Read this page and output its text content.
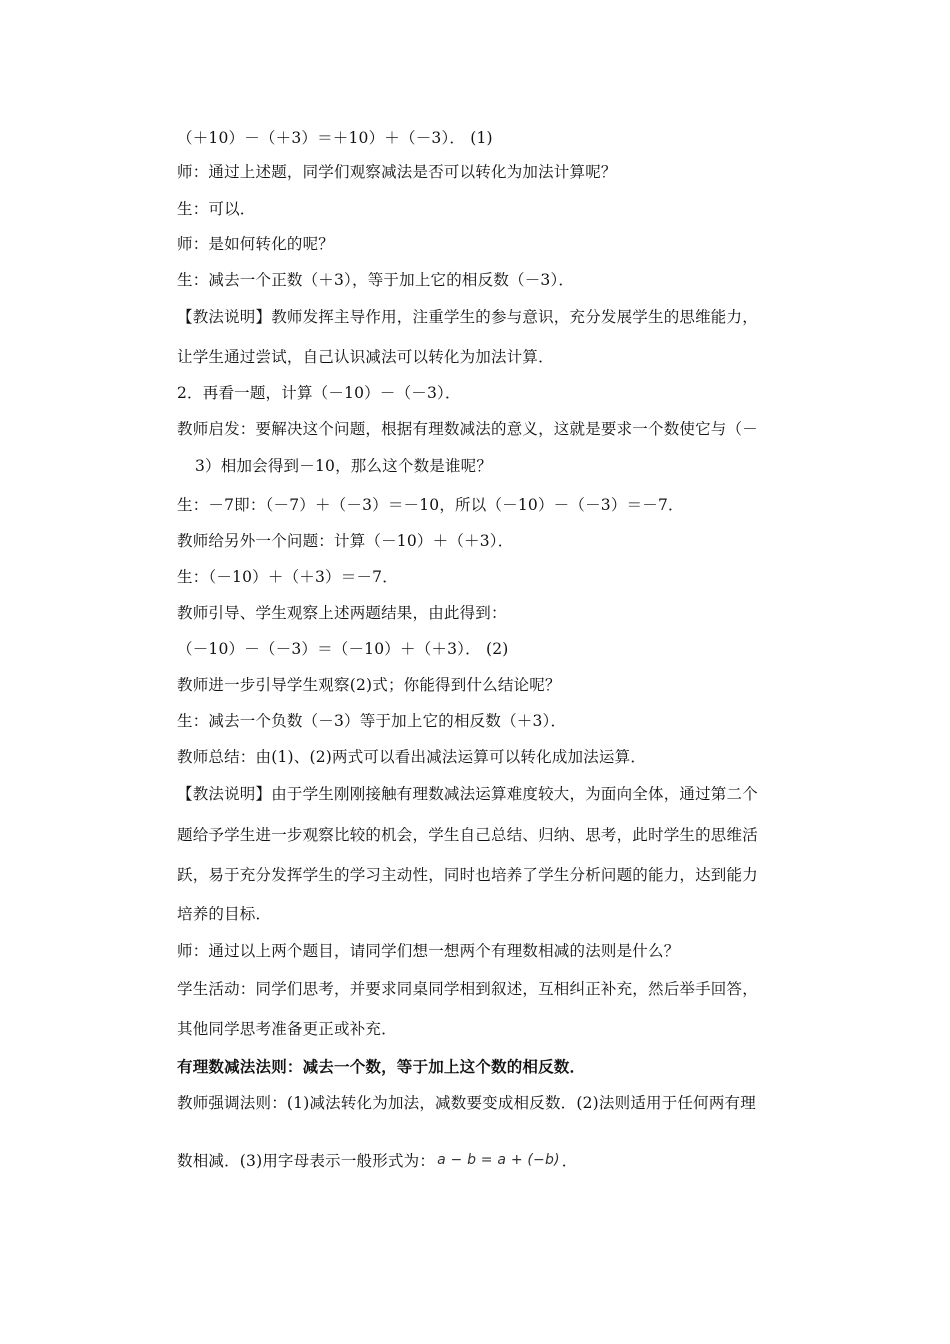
（＋10）－（＋3）＝＋10）＋（－3）． (1)
师：通过上述题，同学们观察减法是否可以转化为加法计算呢？
生：可以．
师：是如何转化的呢？
生：减去一个正数（＋3），等于加上它的相反数（－3）．
【教法说明】教师发挥主导作用，注重学生的参与意识，充分发展学生的思维能力，
让学生通过尝试，自己认识减法可以转化为加法计算．
2．再看一题，计算（－10）－（－3）．
教师启发：要解决这个问题，根据有理数减法的意义，这就是要求一个数使它与（－
3）相加会得到－10，那么这个数是谁呢？
生：－7即：（－7）＋（－3）＝－10，所以（－10）－（－3）＝－7．
教师给另外一个问题：计算（－10）＋（＋3）．
生：（－10）＋（＋3）＝－7．
教师引导、学生观察上述两题结果，由此得到：
（－10）－（－3）＝（－10）＋（＋3）． (2)
教师进一步引导学生观察(2)式；你能得到什么结论呢？
生：减去一个负数（－3）等于加上它的相反数（＋3）．
教师总结：由(1)、(2)两式可以看出减法运算可以转化成加法运算．
【教法说明】由于学生刚刚接触有理数减法运算难度较大，为面向全体，通过第二个
题给予学生进一步观察比较的机会，学生自己总结、归纳、思考，此时学生的思维活
跃，易于充分发挥学生的学习主动性，同时也培养了学生分析问题的能力，达到能力
培养的目标．
师：通过以上两个题目，请同学们想一想两个有理数相减的法则是什么？
学生活动：同学们思考，并要求同桌同学相到叙述，互相纠正补充，然后举手回答，
其他同学思考准备更正或补充．
有理数减法法则：减去一个数，等于加上这个数的相反数．
教师强调法则：(1)减法转化为加法，减数要变成相反数．(2)法则适用于任何两有理
数相减．(3)用字母表示一般形式为： a − b = a + (−b) ．
